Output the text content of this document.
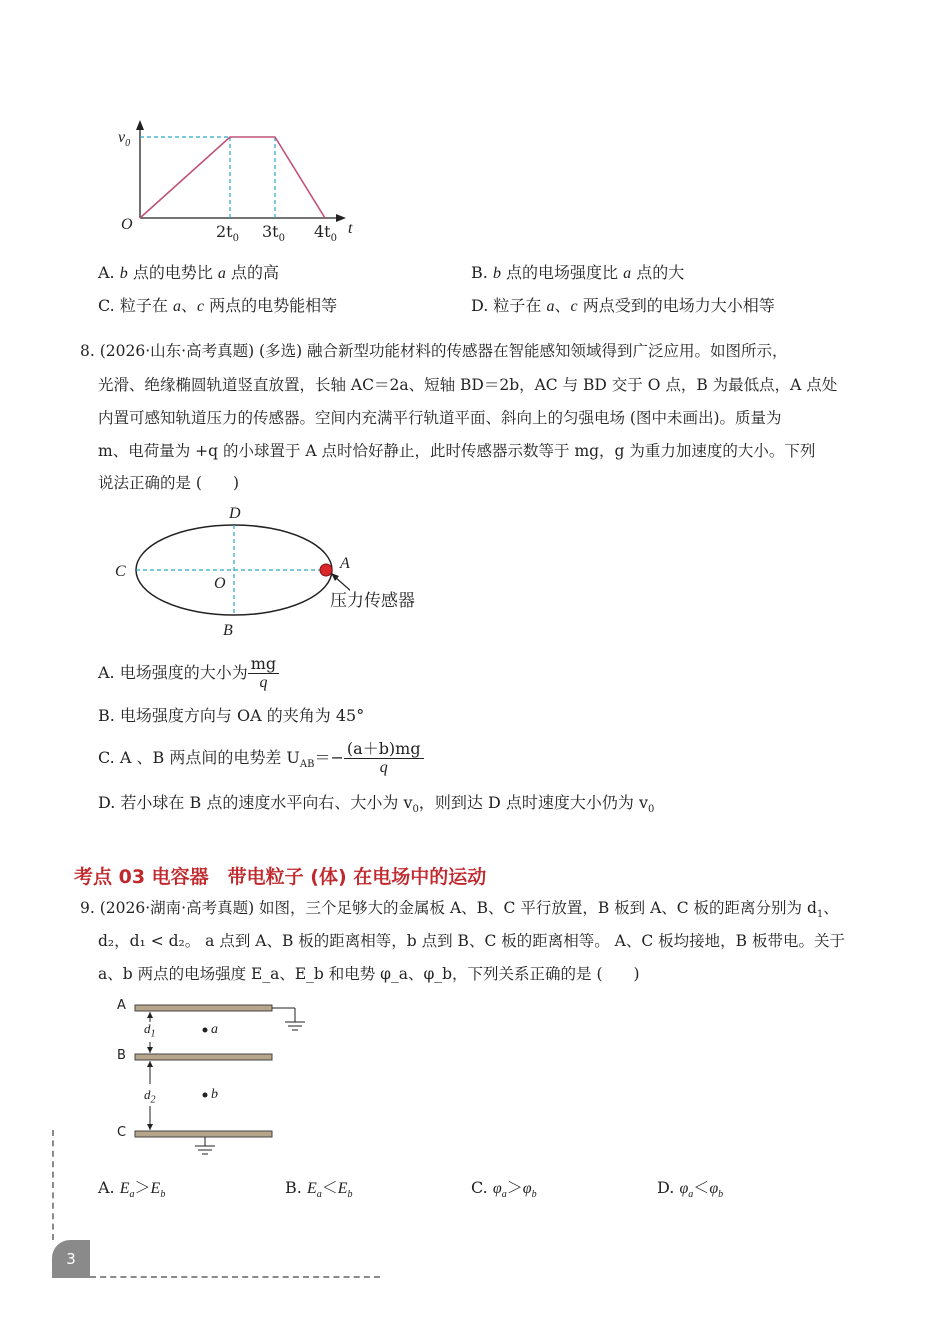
$v_0$
O	t
$2t_0$ $3t_0$ $4t_0$
A. b 点的电势比 a 点的高	B. b 点的电场强度比 a 点的大
C. 粒子在 a、c 两点的电势能相等	D. 粒子在 a、c 两点受到的电场力大小相等
8. (2026·山东·高考真题) (多选) 融合新型功能材料的传感器在智能感知领域得到广泛应用。如图所示，
光滑、绝缘椭圆轨道竖直放置，长轴 AC＝2a、短轴 BD＝2b，AC 与 BD 交于 O 点，B 为最低点，A 点处
内置可感知轨道压力的传感器。空间内充满平行轨道平面、斜向上的匀强电场 (图中未画出)。质量为
m、电荷量为 +q 的小球置于 A 点时恰好静止，此时传感器示数等于 mg，g 为重力加速度的大小。下列
说法正确的是 (　　)
D
C
O
A
B
压力传感器
A. 电场强度的大小为 $\frac{mg}{q}$
B. 电场强度方向与 OA 的夹角为 45°
C. A 、B 两点间的电势差 $U_{AB}=- \frac{(a+b)mg}{q}$
D. 若小球在 B 点的速度水平向右、大小为 $v_0$，则到达 D 点时速度大小仍为 $v_0$
考点 03 电容器　带电粒子 (体) 在电场中的运动
9. (2026·湖南·高考真题) 如图，三个足够大的金属板 A、B、C 平行放置，B 板到 A、C 板的距离分别为 $d_1$、
d₂，d₁ < d₂。 a 点到 A、B 板的距离相等，b 点到 B、C 板的距离相等。 A、C 板均接地，B 板带电。关于
a、b 两点的电场强度 E_a、E_b 和电势 φ_a、φ_b，下列关系正确的是 (　　)
A
B
C
$d_1$
$d_2$
a
b
A. $E_a>E_b$	B. $E_a<E_b$	C. $\varphi_a>\varphi_b$	D. $\varphi_a<\varphi_b$
3
